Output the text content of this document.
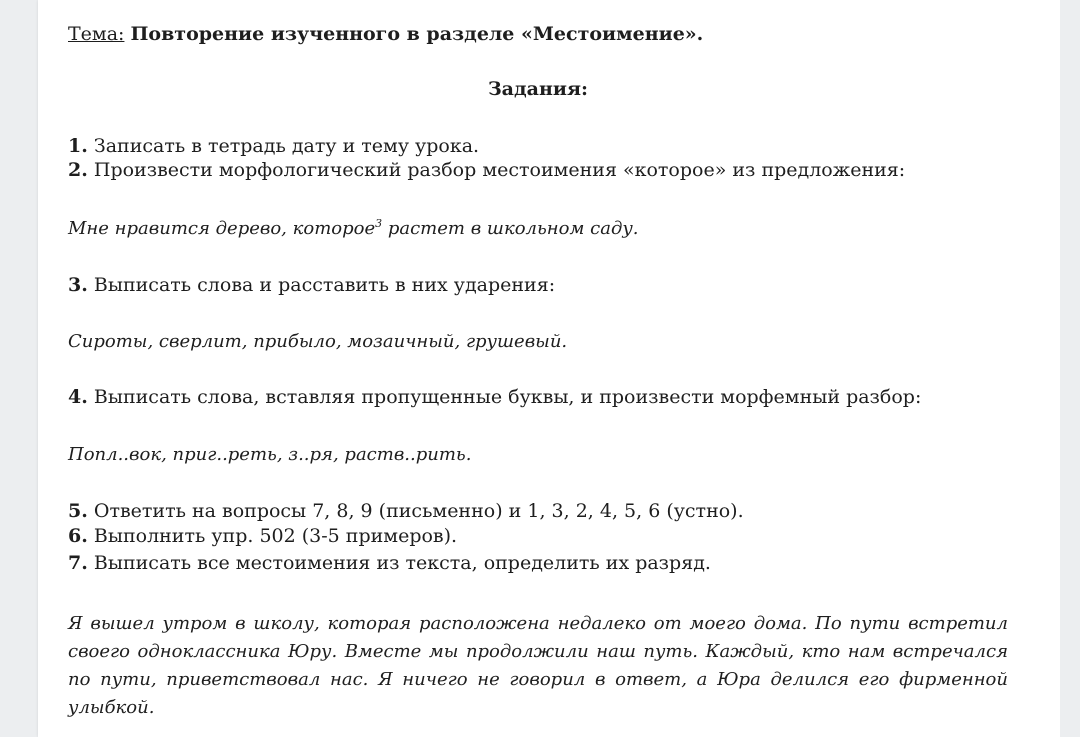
Тема: Повторение изученного в разделе «Местоимение».
Задания:
1. Записать в тетрадь дату и тему урока.
2. Произвести морфологический разбор местоимения «которое» из предложения:
Мне нравится дерево, которое$^3$ растет в школьном саду.
3. Выписать слова и расставить в них ударения:
Сироты, сверлит, прибыло, мозаичный, грушевый.
4. Выписать слова, вставляя пропущенные буквы, и произвести морфемный разбор:
Попл..вок, приг..реть, з..ря, раств..рить.
5. Ответить на вопросы 7, 8, 9 (письменно) и 1, 3, 2, 4, 5, 6 (устно).
6. Выполнить упр. 502 (3-5 примеров).
7. Выписать все местоимения из текста, определить их разряд.
Я вышел утром в школу, которая расположена недалеко от моего дома. По пути встретил своего одноклассника Юру. Вместе мы продолжили наш путь. Каждый, кто нам встречался по пути, приветствовал нас. Я ничего не говорил в ответ, а Юра делился его фирменной улыбкой.
